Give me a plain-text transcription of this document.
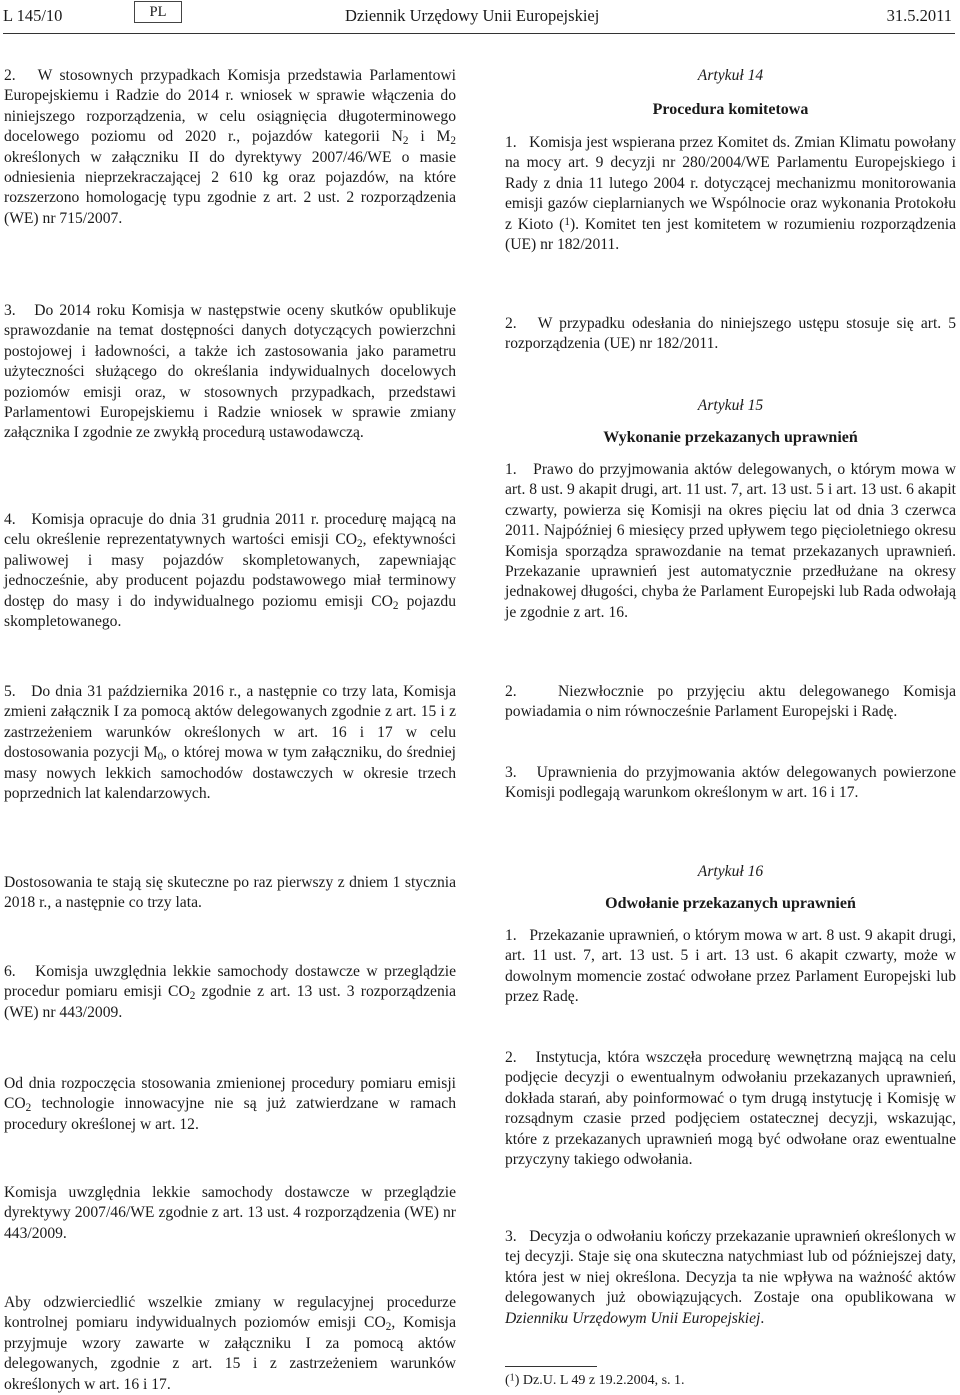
L 145/10	PL	Dziennik Urzędowy Unii Europejskiej	31.5.2011

2.   W stosownych przypadkach Komisja przedstawia Parlamentowi Europejskiemu i Radzie do 2014 r. wniosek w sprawie włączenia do niniejszego rozporządzenia, w celu osiągnięcia długoterminowego docelowego poziomu od 2020 r., pojazdów kategorii $N_2$ i $M_2$ określonych w załączniku II do dyrektywy 2007/46/WE o masie odniesienia nieprzekraczającej 2 610 kg oraz pojazdów, na które rozszerzono homologację typu zgodnie z art. 2 ust. 2 rozporządzenia (WE) nr 715/2007.

3.   Do 2014 roku Komisja w następstwie oceny skutków opublikuje sprawozdanie na temat dostępności danych dotyczących powierzchni postojowej i ładowności, a także ich zastosowania jako parametru użyteczności służącego do określania indywidualnych docelowych poziomów emisji oraz, w stosownych przypadkach, przedstawi Parlamentowi Europejskiemu i Radzie wniosek w sprawie zmiany załącznika I zgodnie ze zwykłą procedurą ustawodawczą.

4.   Komisja opracuje do dnia 31 grudnia 2011 r. procedurę mającą na celu określenie reprezentatywnych wartości emisji $CO_2$, efektywności paliwowej i masy pojazdów skompletowanych, zapewniając jednocześnie, aby producent pojazdu podstawowego miał terminowy dostęp do masy i do indywidualnego poziomu emisji $CO_2$ pojazdu skompletowanego.

5.   Do dnia 31 października 2016 r., a następnie co trzy lata, Komisja zmieni załącznik I za pomocą aktów delegowanych zgodnie z art. 15 i z zastrzeżeniem warunków określonych w art. 16 i 17 w celu dostosowania pozycji $M_0$, o której mowa w tym załączniku, do średniej masy nowych lekkich samochodów dostawczych w okresie trzech poprzednich lat kalendarzowych.

Dostosowania te stają się skuteczne po raz pierwszy z dniem 1 stycznia 2018 r., a następnie co trzy lata.

6.   Komisja uwzględnia lekkie samochody dostawcze w przeglądzie procedur pomiaru emisji $CO_2$ zgodnie z art. 13 ust. 3 rozporządzenia (WE) nr 443/2009.

Od dnia rozpoczęcia stosowania zmienionej procedury pomiaru emisji $CO_2$ technologie innowacyjne nie są już zatwierdzane w ramach procedury określonej w art. 12.

Komisja uwzględnia lekkie samochody dostawcze w przeglądzie dyrektywy 2007/46/WE zgodnie z art. 13 ust. 4 rozporządzenia (WE) nr 443/2009.

Aby odzwierciedlić wszelkie zmiany w regulacyjnej procedurze kontrolnej pomiaru indywidualnych poziomów emisji $CO_2$, Komisja przyjmuje wzory zawarte w załączniku I za pomocą aktów delegowanych, zgodnie z art. 15 i z zastrzeżeniem warunków określonych w art. 16 i 17.

Artykuł 14

Procedura komitetowa

1.   Komisja jest wspierana przez Komitet ds. Zmian Klimatu powołany na mocy art. 9 decyzji nr 280/2004/WE Parlamentu Europejskiego i Rady z dnia 11 lutego 2004 r. dotyczącej mechanizmu monitorowania emisji gazów cieplarnianych we Wspólnocie oraz wykonania Protokołu z Kioto ($^1$). Komitet ten jest komitetem w rozumieniu rozporządzenia (UE) nr 182/2011.

2.   W przypadku odesłania do niniejszego ustępu stosuje się art. 5 rozporządzenia (UE) nr 182/2011.

Artykuł 15

Wykonanie przekazanych uprawnień

1.   Prawo do przyjmowania aktów delegowanych, o którym mowa w art. 8 ust. 9 akapit drugi, art. 11 ust. 7, art. 13 ust. 5 i art. 13 ust. 6 akapit czwarty, powierza się Komisji na okres pięciu lat od dnia 3 czerwca 2011. Najpóźniej 6 miesięcy przed upływem tego pięcioletniego okresu Komisja sporządza sprawozdanie na temat przekazanych uprawnień. Przekazanie uprawnień jest automatycznie przedłużane na okresy jednakowej długości, chyba że Parlament Europejski lub Rada odwołają je zgodnie z art. 16.

2.   Niezwłocznie po przyjęciu aktu delegowanego Komisja powiadamia o nim równocześnie Parlament Europejski i Radę.

3.   Uprawnienia do przyjmowania aktów delegowanych powierzone Komisji podlegają warunkom określonym w art. 16 i 17.

Artykuł 16

Odwołanie przekazanych uprawnień

1.   Przekazanie uprawnień, o którym mowa w art. 8 ust. 9 akapit drugi, art. 11 ust. 7, art. 13 ust. 5 i art. 13 ust. 6 akapit czwarty, może w dowolnym momencie zostać odwołane przez Parlament Europejski lub przez Radę.

2.   Instytucja, która wszczęła procedurę wewnętrzną mającą na celu podjęcie decyzji o ewentualnym odwołaniu przekazanych uprawnień, dokłada starań, aby poinformować o tym drugą instytucję i Komisję w rozsądnym czasie przed podjęciem ostatecznej decyzji, wskazując, które z przekazanych uprawnień mogą być odwołane oraz ewentualne przyczyny takiego odwołania.

3.   Decyzja o odwołaniu kończy przekazanie uprawnień określonych w tej decyzji. Staje się ona skuteczna natychmiast lub od późniejszej daty, która jest w niej określona. Decyzja ta nie wpływa na ważność aktów delegowanych już obowiązujących. Zostaje ona opublikowana w Dzienniku Urzędowym Unii Europejskiej.

($^1$) Dz.U. L 49 z 19.2.2004, s. 1.
